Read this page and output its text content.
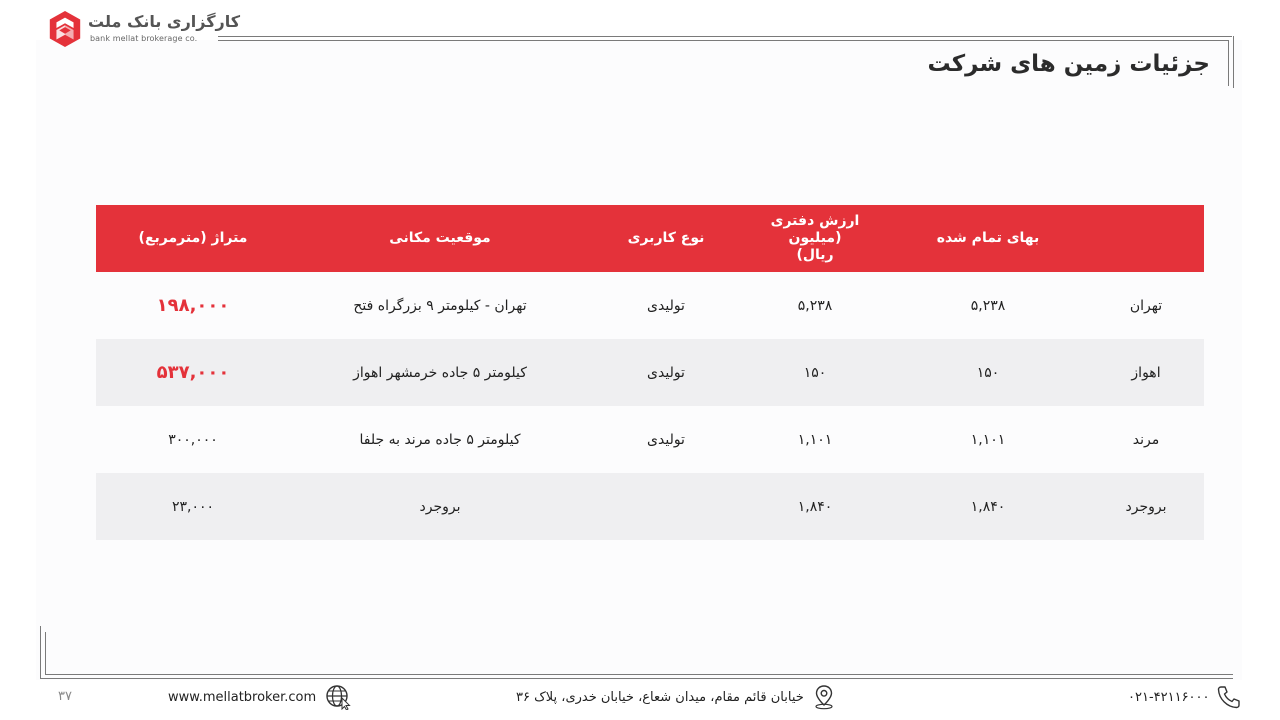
کارگزاری بانک ملت
bank mellat brokerage co.
جزئیات زمین های شرکت
بهای تمام شده
ارزش دفتری (میلیون ریال)
نوع کاربری
موقعیت مکانی
متراژ (مترمربع)
تهران
۵,۲۳۸
۵,۲۳۸
تولیدی
تهران - کیلومتر ۹ بزرگراه فتح
۱۹۸,۰۰۰
اهواز
۱۵۰
۱۵۰
تولیدی
کیلومتر ۵ جاده خرمشهر اهواز
۵۳۷,۰۰۰
مرند
۱,۱۰۱
۱,۱۰۱
تولیدی
کیلومتر ۵ جاده مرند به جلفا
۳۰۰,۰۰۰
بروجرد
۱,۸۴۰
۱,۸۴۰
بروجرد
۲۳,۰۰۰
۰۲۱-۴۲۱۱۶۰۰۰
خیابان قائم مقام، میدان شعاع، خیابان خدری، پلاک ۳۶
www.mellatbroker.com
۳۷
